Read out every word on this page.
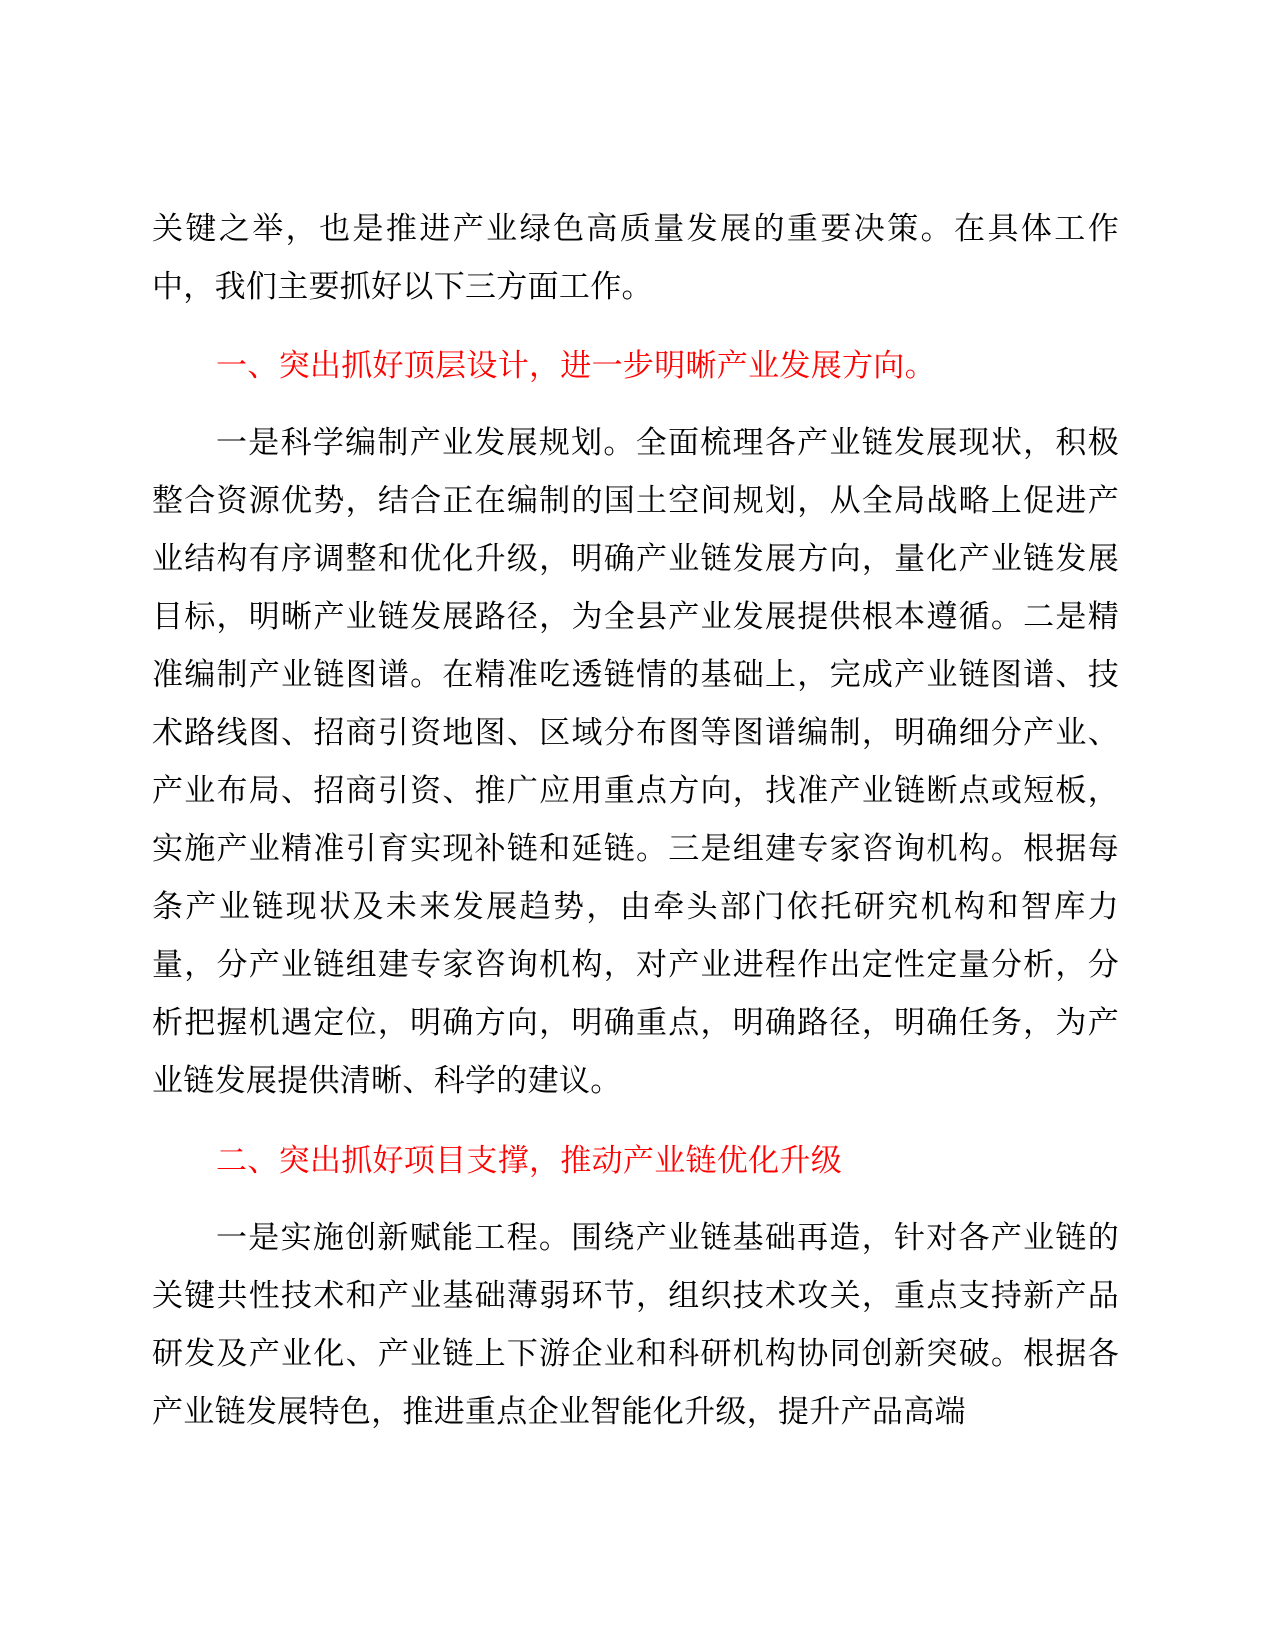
关键之举，也是推进产业绿色高质量发展的重要决策。在具体工作中，我们主要抓好以下三方面工作。

一、突出抓好顶层设计，进一步明晰产业发展方向。

一是科学编制产业发展规划。全面梳理各产业链发展现状，积极整合资源优势，结合正在编制的国土空间规划，从全局战略上促进产业结构有序调整和优化升级，明确产业链发展方向，量化产业链发展目标，明晰产业链发展路径，为全县产业发展提供根本遵循。二是精准编制产业链图谱。在精准吃透链情的基础上，完成产业链图谱、技术路线图、招商引资地图、区域分布图等图谱编制，明确细分产业、产业布局、招商引资、推广应用重点方向，找准产业链断点或短板，实施产业精准引育实现补链和延链。三是组建专家咨询机构。根据每条产业链现状及未来发展趋势，由牵头部门依托研究机构和智库力量，分产业链组建专家咨询机构，对产业进程作出定性定量分析，分析把握机遇定位，明确方向，明确重点，明确路径，明确任务，为产业链发展提供清晰、科学的建议。

二、突出抓好项目支撑，推动产业链优化升级

一是实施创新赋能工程。围绕产业链基础再造，针对各产业链的关键共性技术和产业基础薄弱环节，组织技术攻关，重点支持新产品研发及产业化、产业链上下游企业和科研机构协同创新突破。根据各产业链发展特色，推进重点企业智能化升级，提升产品高端
